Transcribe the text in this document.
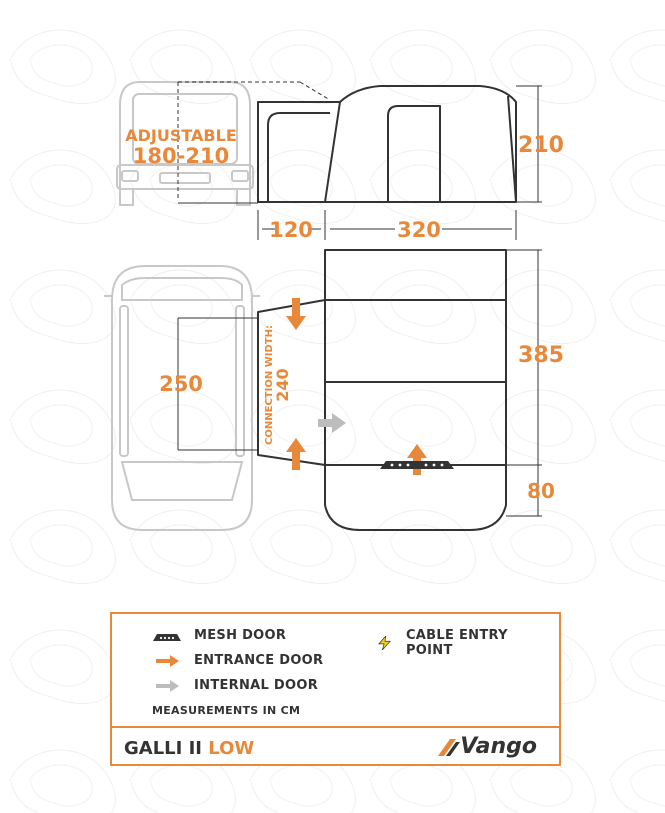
ADJUSTABLE
180-210	210
120	320
250
385
80
CONNECTION WIDTH:
240
MESH DOOR
ENTRANCE DOOR
INTERNAL DOOR
CABLE ENTRY POINT
MEASUREMENTS IN CM
GALLI II LOW	Vango
